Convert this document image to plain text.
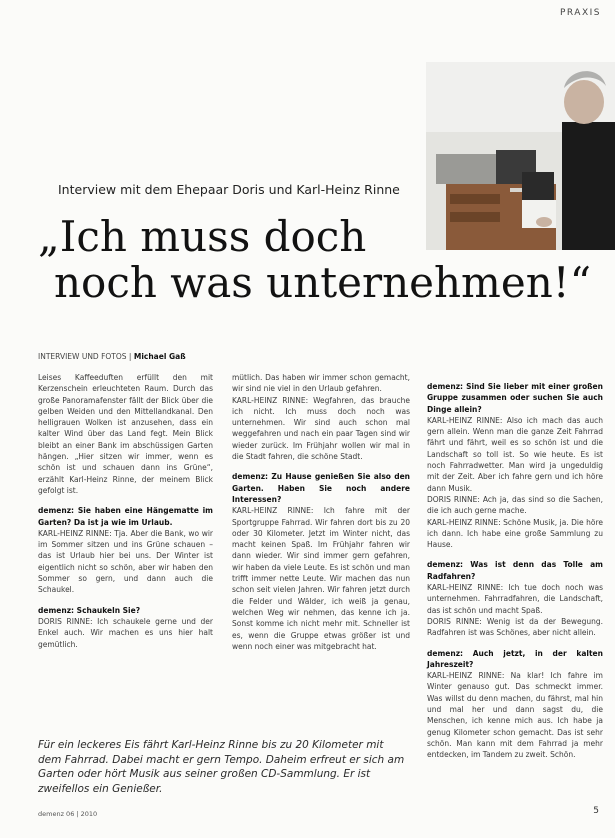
PRAXIS
Interview mit dem Ehepaar Doris und Karl-Heinz Rinne
„Ich muss doch
noch was unternehmen!“
INTERVIEW UND FOTOS | Michael Gaß

Leises Kaffeeduften erfüllt den mit Kerzenschein erleuchteten Raum. Durch das große Panoramafenster fällt der Blick über die gelben Weiden und den Mittellandkanal. Den helligrauen Wolken ist anzusehen, dass ein kalter Wind über das Land fegt. Mein Blick bleibt an einer Bank im abschüssigen Garten hängen. „Hier sitzen wir immer, wenn es schön ist und schauen dann ins Grüne“, erzählt Karl-Heinz Rinne, der meinem Blick gefolgt ist.

demenz: Sie haben eine Hängematte im Garten? Da ist ja wie im Urlaub.

KARL-HEINZ RINNE: Tja. Aber die Bank, wo wir im Sommer sitzen und ins Grüne schauen – das ist Urlaub hier bei uns. Der Winter ist eigentlich nicht so schön, aber wir haben den Sommer so gern, und dann auch die Schaukel.

demenz: Schaukeln Sie?

DORIS RINNE: Ich schaukele gerne und der Enkel auch. Wir machen es uns hier halt gemütlich.

mütlich. Das haben wir immer schon gemacht, wir sind nie viel in den Urlaub gefahren.

KARL-HEINZ RINNE: Wegfahren, das brauche ich nicht. Ich muss doch noch was unternehmen. Wir sind auch schon mal weggefahren und nach ein paar Tagen sind wir wieder zurück. Im Frühjahr wollen wir mal in die Stadt fahren, die schöne Stadt.

demenz: Zu Hause genießen Sie also den Garten. Haben Sie noch andere Interessen?

KARL-HEINZ RINNE: Ich fahre mit der Sportgruppe Fahrrad. Wir fahren dort bis zu 20 oder 30 Kilometer. Jetzt im Winter nicht, das macht keinen Spaß. Im Frühjahr fahren wir dann wieder. Wir sind immer gern gefahren, wir haben da viele Leute. Es ist schön und man trifft immer nette Leute. Wir machen das nun schon seit vielen Jahren. Wir fahren jetzt durch die Felder und Wälder, ich weiß ja genau, welchen Weg wir nehmen, das kenne ich ja. Sonst komme ich nicht mehr mit. Schneller ist es, wenn die Gruppe etwas größer ist und wenn noch einer was mitgebracht hat.

demenz: Sind Sie lieber mit einer großen Gruppe zusammen oder suchen Sie auch Dinge allein?

KARL-HEINZ RINNE: Also ich mach das auch gern allein. Wenn man die ganze Zeit Fahrrad fährt und fährt, weil es so schön ist und die Landschaft so toll ist. So wie heute. Es ist noch Fahrradwetter. Man wird ja ungeduldig mit der Zeit. Aber ich fahre gern und ich höre dann Musik.

DORIS RINNE: Ach ja, das sind so die Sachen, die ich auch gerne mache.

KARL-HEINZ RINNE: Schöne Musik, ja. Die höre ich dann. Ich habe eine große Sammlung zu Hause.

demenz: Was ist denn das Tolle am Radfahren?

KARL-HEINZ RINNE: Ich tue doch noch was unternehmen. Fahrradfahren, die Landschaft, das ist schön und macht Spaß.

DORIS RINNE: Wenig ist da der Bewegung. Radfahren ist was Schönes, aber nicht allein.

demenz: Auch jetzt, in der kalten Jahreszeit?

KARL-HEINZ RINNE: Na klar! Ich fahre im Winter genauso gut. Das schmeckt immer. Was willst du denn machen, du fährst, mal hin und mal her und dann sagst du, die Menschen, ich kenne mich aus. Ich habe ja genug Kilometer schon gemacht. Das ist sehr schön. Man kann mit dem Fahrrad ja mehr entdecken, im Tandem zu zweit. Schön.

Für ein leckeres Eis fährt Karl-Heinz Rinne bis zu 20 Kilometer mit dem Fahrrad. Dabei macht er gern Tempo. Daheim erfreut er sich am Garten oder hört Musik aus seiner großen CD-Sammlung. Er ist zweifellos ein Genießer.
demenz 06 | 2010	5
